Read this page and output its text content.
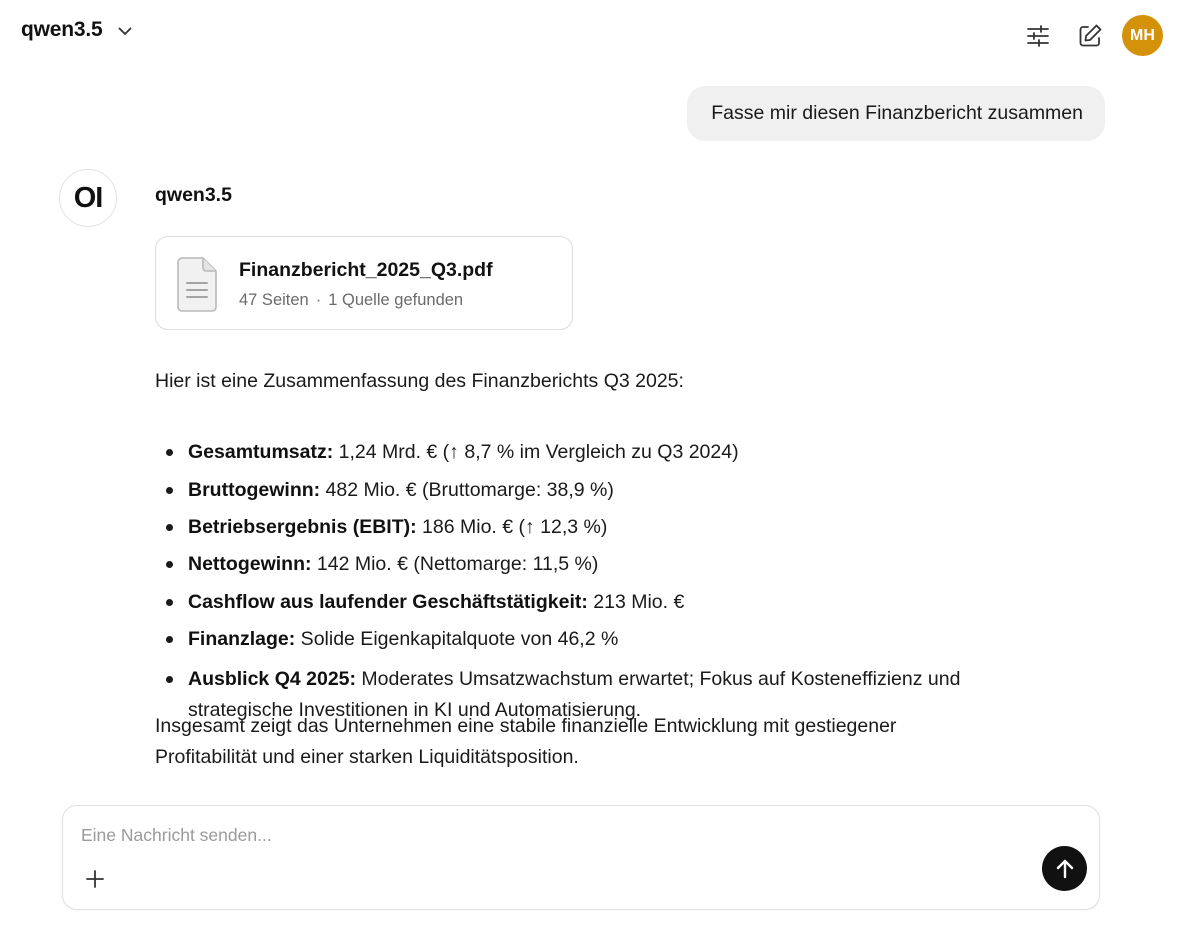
qwen3.5	MH
Fasse mir diesen Finanzbericht zusammen
OI	qwen3.5
Finanzbericht_2025_Q3.pdf
47 Seiten · 1 Quelle gefunden
Hier ist eine Zusammenfassung des Finanzberichts Q3 2025:
Gesamtumsatz: 1,24 Mrd. € (↑ 8,7 % im Vergleich zu Q3 2024)
Bruttogewinn: 482 Mio. € (Bruttomarge: 38,9 %)
Betriebsergebnis (EBIT): 186 Mio. € (↑ 12,3 %)
Nettogewinn: 142 Mio. € (Nettomarge: 11,5 %)
Cashflow aus laufender Geschäftstätigkeit: 213 Mio. €
Finanzlage: Solide Eigenkapitalquote von 46,2 %
Ausblick Q4 2025: Moderates Umsatzwachstum erwartet; Fokus auf Kosteneffizienz und strategische Investitionen in KI und Automatisierung.
Insgesamt zeigt das Unternehmen eine stabile finanzielle Entwicklung mit gestiegener Profitabilität und einer starken Liquiditätsposition.
Eine Nachricht senden...
